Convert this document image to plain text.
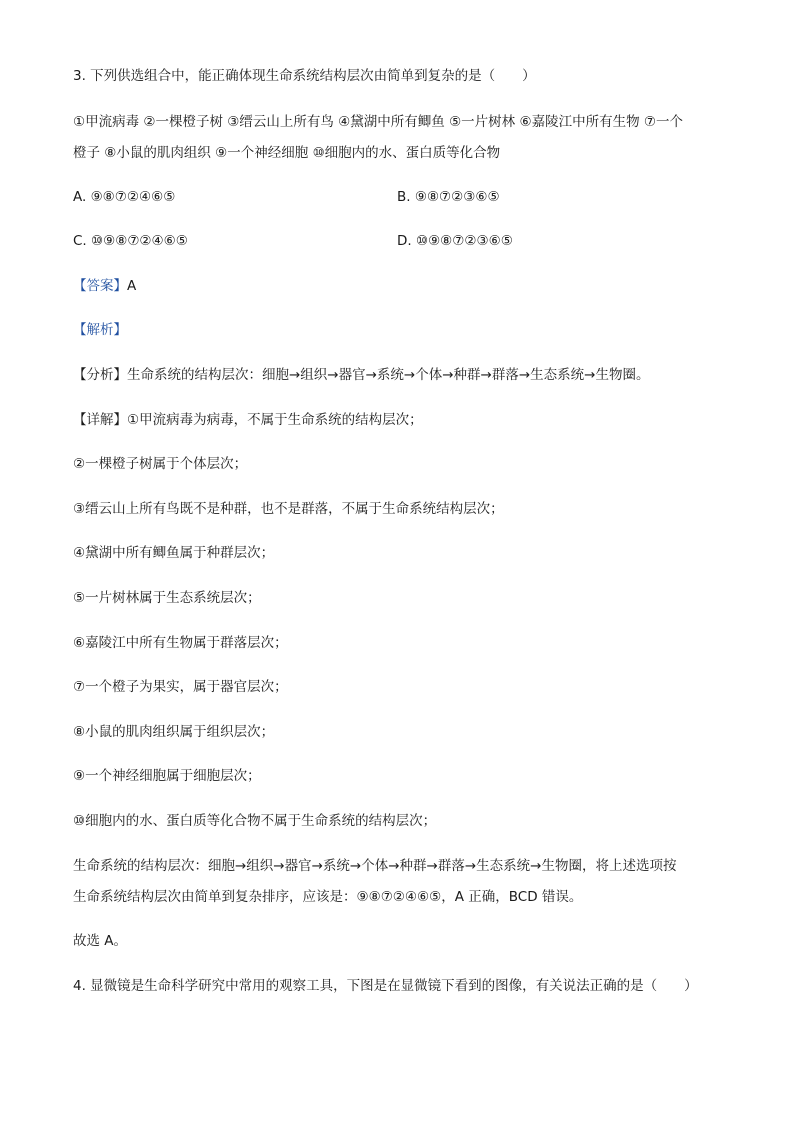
3. 下列供选组合中，能正确体现生命系统结构层次由简单到复杂的是（　　）
①甲流病毒 ②一棵橙子树 ③缙云山上所有鸟 ④黛湖中所有鲫鱼 ⑤一片树林 ⑥嘉陵江中所有生物 ⑦一个
橙子 ⑧小鼠的肌肉组织 ⑨一个神经细胞 ⑩细胞内的水、蛋白质等化合物
A. ⑨⑧⑦②④⑥⑤	B. ⑨⑧⑦②③⑥⑤
C. ⑩⑨⑧⑦②④⑥⑤	D. ⑩⑨⑧⑦②③⑥⑤
【答案】A
【解析】
【分析】生命系统的结构层次：细胞→组织→器官→系统→个体→种群→群落→生态系统→生物圈。
【详解】①甲流病毒为病毒，不属于生命系统的结构层次；
②一棵橙子树属于个体层次；
③缙云山上所有鸟既不是种群，也不是群落，不属于生命系统结构层次；
④黛湖中所有鲫鱼属于种群层次；
⑤一片树林属于生态系统层次；
⑥嘉陵江中所有生物属于群落层次；
⑦一个橙子为果实，属于器官层次；
⑧小鼠的肌肉组织属于组织层次；
⑨一个神经细胞属于细胞层次；
⑩细胞内的水、蛋白质等化合物不属于生命系统的结构层次；
生命系统的结构层次：细胞→组织→器官→系统→个体→种群→群落→生态系统→生物圈，将上述选项按
生命系统结构层次由简单到复杂排序，应该是：⑨⑧⑦②④⑥⑤，A 正确，BCD 错误。
故选 A。
4. 显微镜是生命科学研究中常用的观察工具，下图是在显微镜下看到的图像，有关说法正确的是（　　）
